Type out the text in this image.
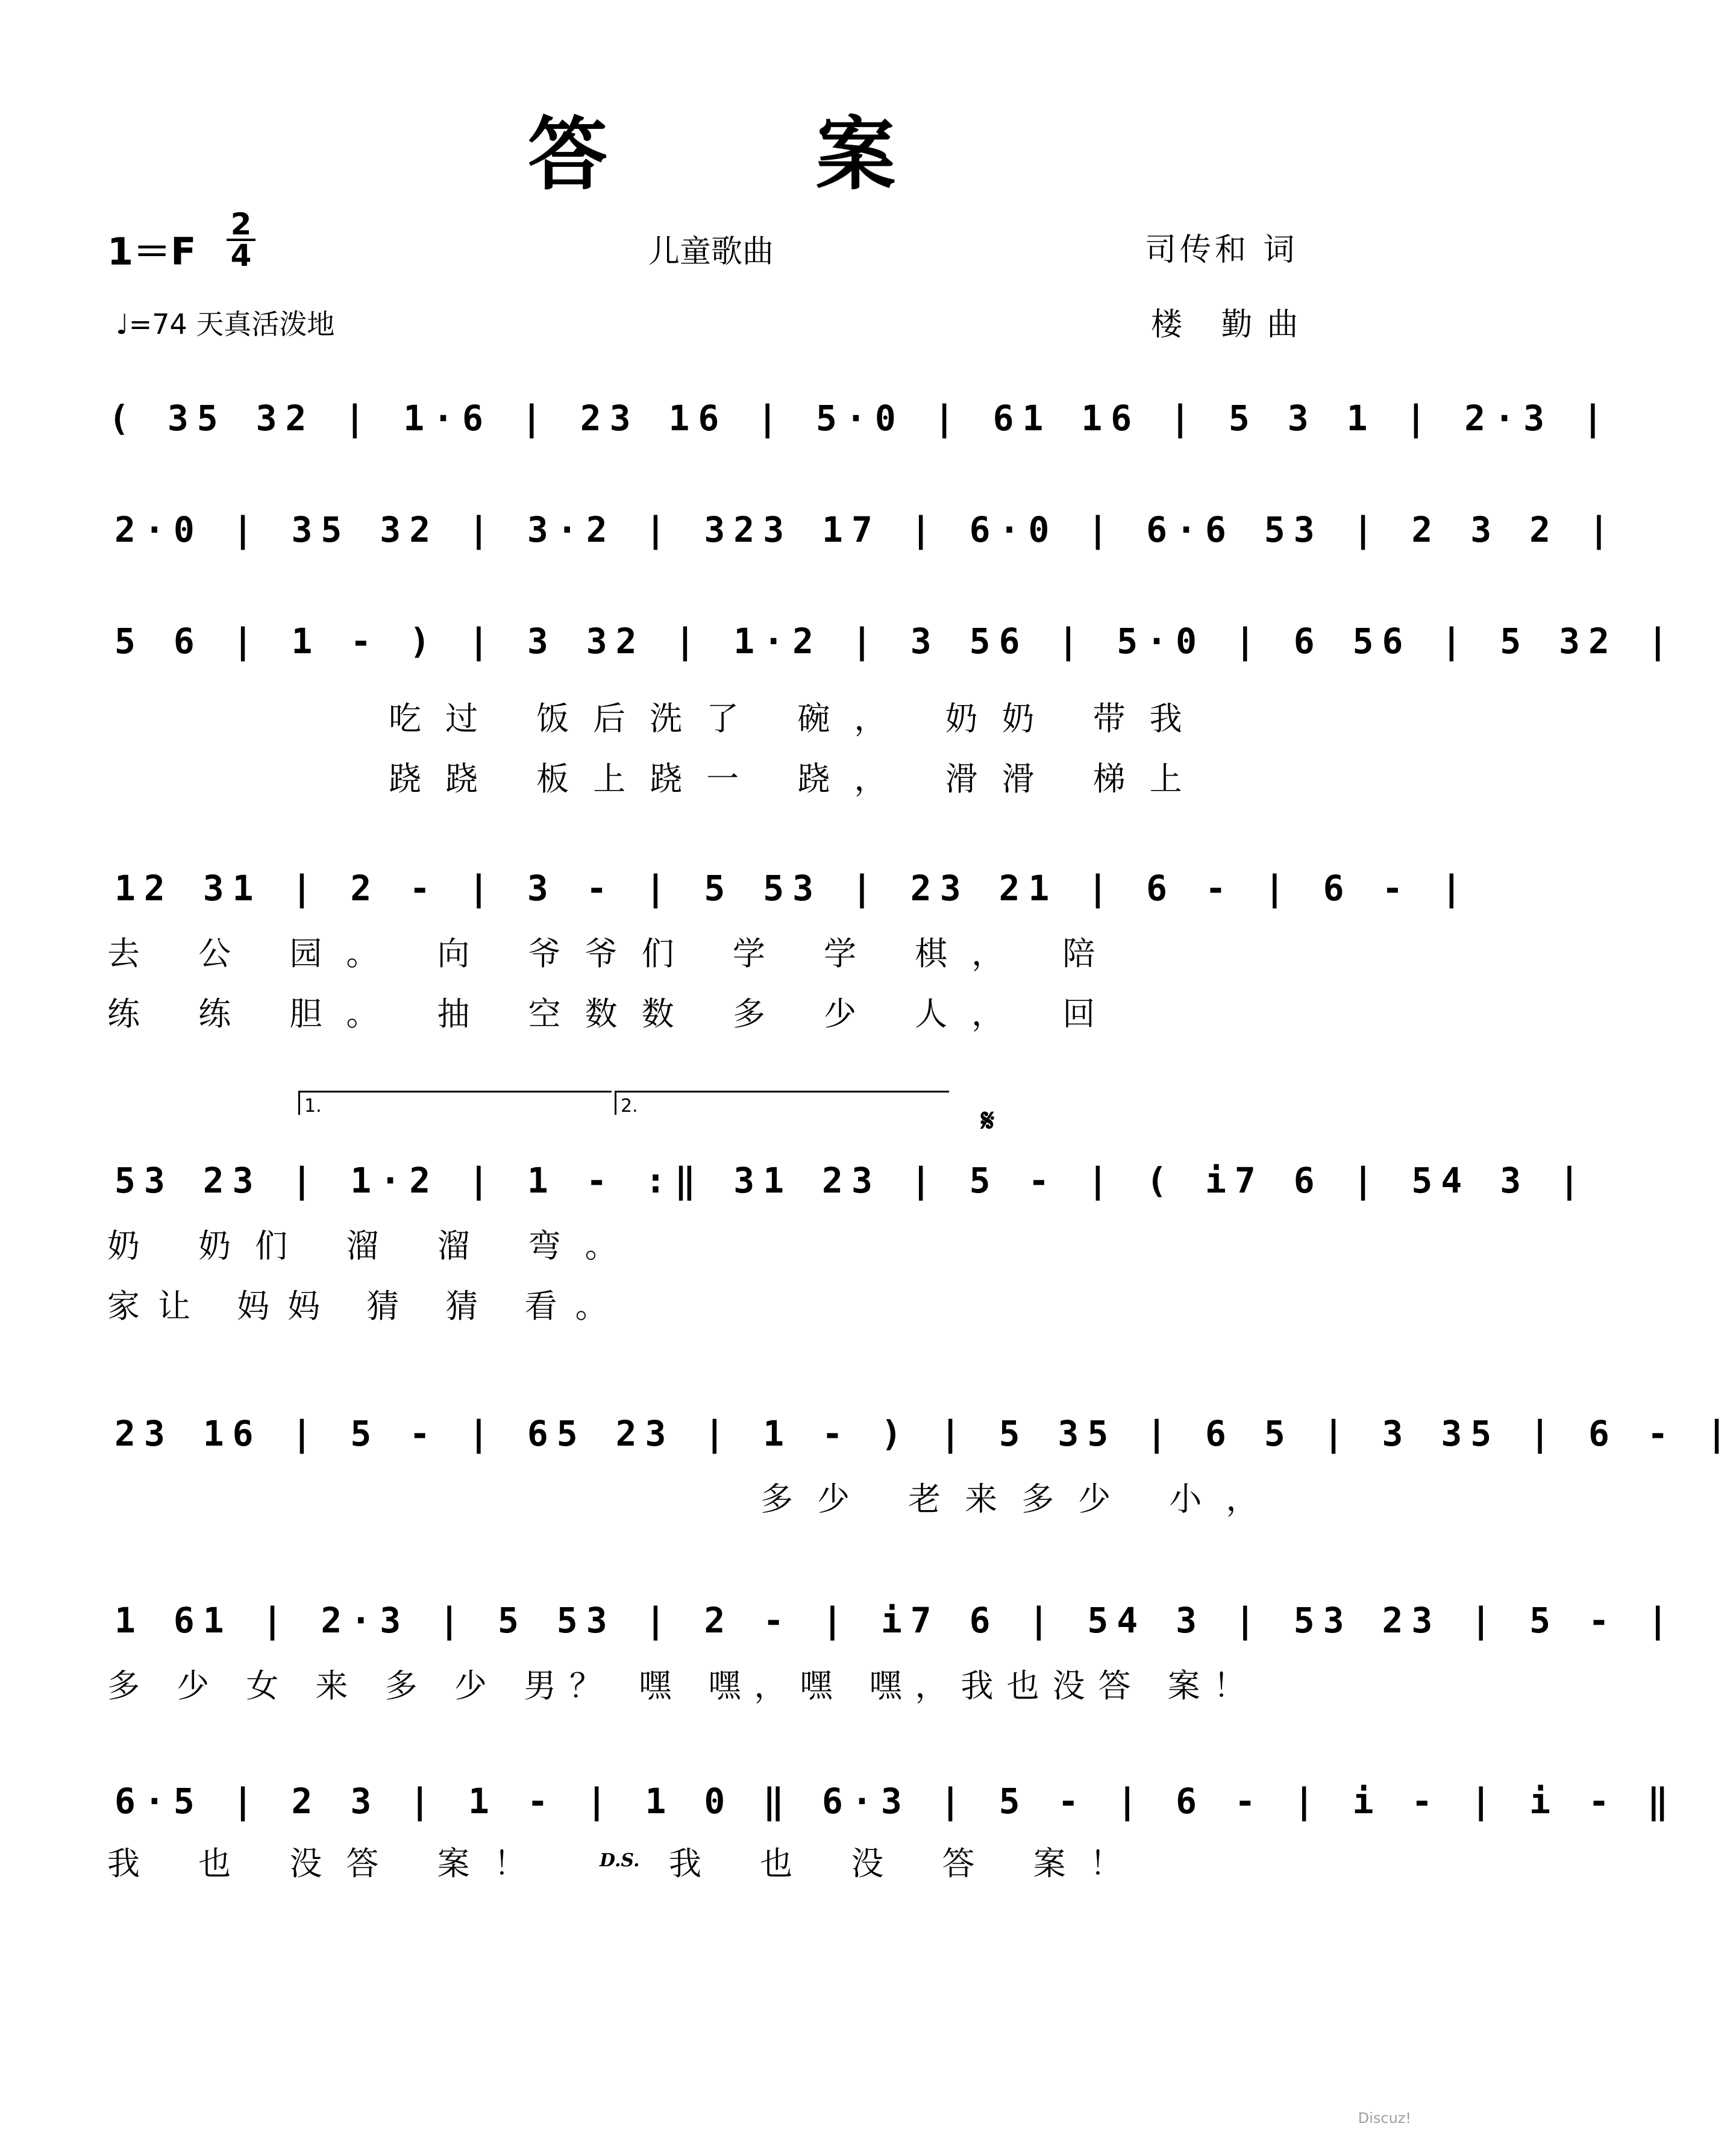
答 案
1＝F
2
4	儿童歌曲	司传和 词
楼 勤曲
♩=74 天真活泼地
( 35 32 | 1·6 | 23 16 | 5·0 | 61 16 | 5 3 1 | 2·3 |
2·0 | 35 32 | 3·2 | 323 17 | 6·0 | 6·6 53 | 2 3 2 |
5 6 | 1 - ) | 3 32 | 1·2 | 3 56 | 5·0 | 6 56 | 5 32 |
吃过 饭后洗了 碗， 奶奶 带我
跷跷 板上跷一 跷， 滑滑 梯上
12 31 | 2 - | 3 - | 5 53 | 23 21 | 6 - | 6 - |
去 公 园。 向 爷爷们 学 学 棋， 陪
练 练 胆。 抽 空数数 多 少 人， 回
1.	2.	𝄋
53 23 | 1·2 | 1 - :‖ 31 23 | 5 - | ( i7 6 | 54 3 |
奶 奶们 溜 溜 弯。
家让 妈妈 猜 猜 看。
23 16 | 5 - | 65 23 | 1 - ) | 5 35 | 6 5 | 3 35 | 6 - |
多少 老来多少 小，
1 61 | 2·3 | 5 53 | 2 - | i7 6 | 54 3 | 53 23 | 5 - |
多 少 女 来 多 少 男？ 嘿 嘿，嘿 嘿，我也没答 案！
6·5 | 2 3 | 1 - | 1 0 ‖ 6·3 | 5 - | 6 - | i - | i - ‖
我 也 没答 案！	D.S. 我 也 没 答 案！
Discuz!
